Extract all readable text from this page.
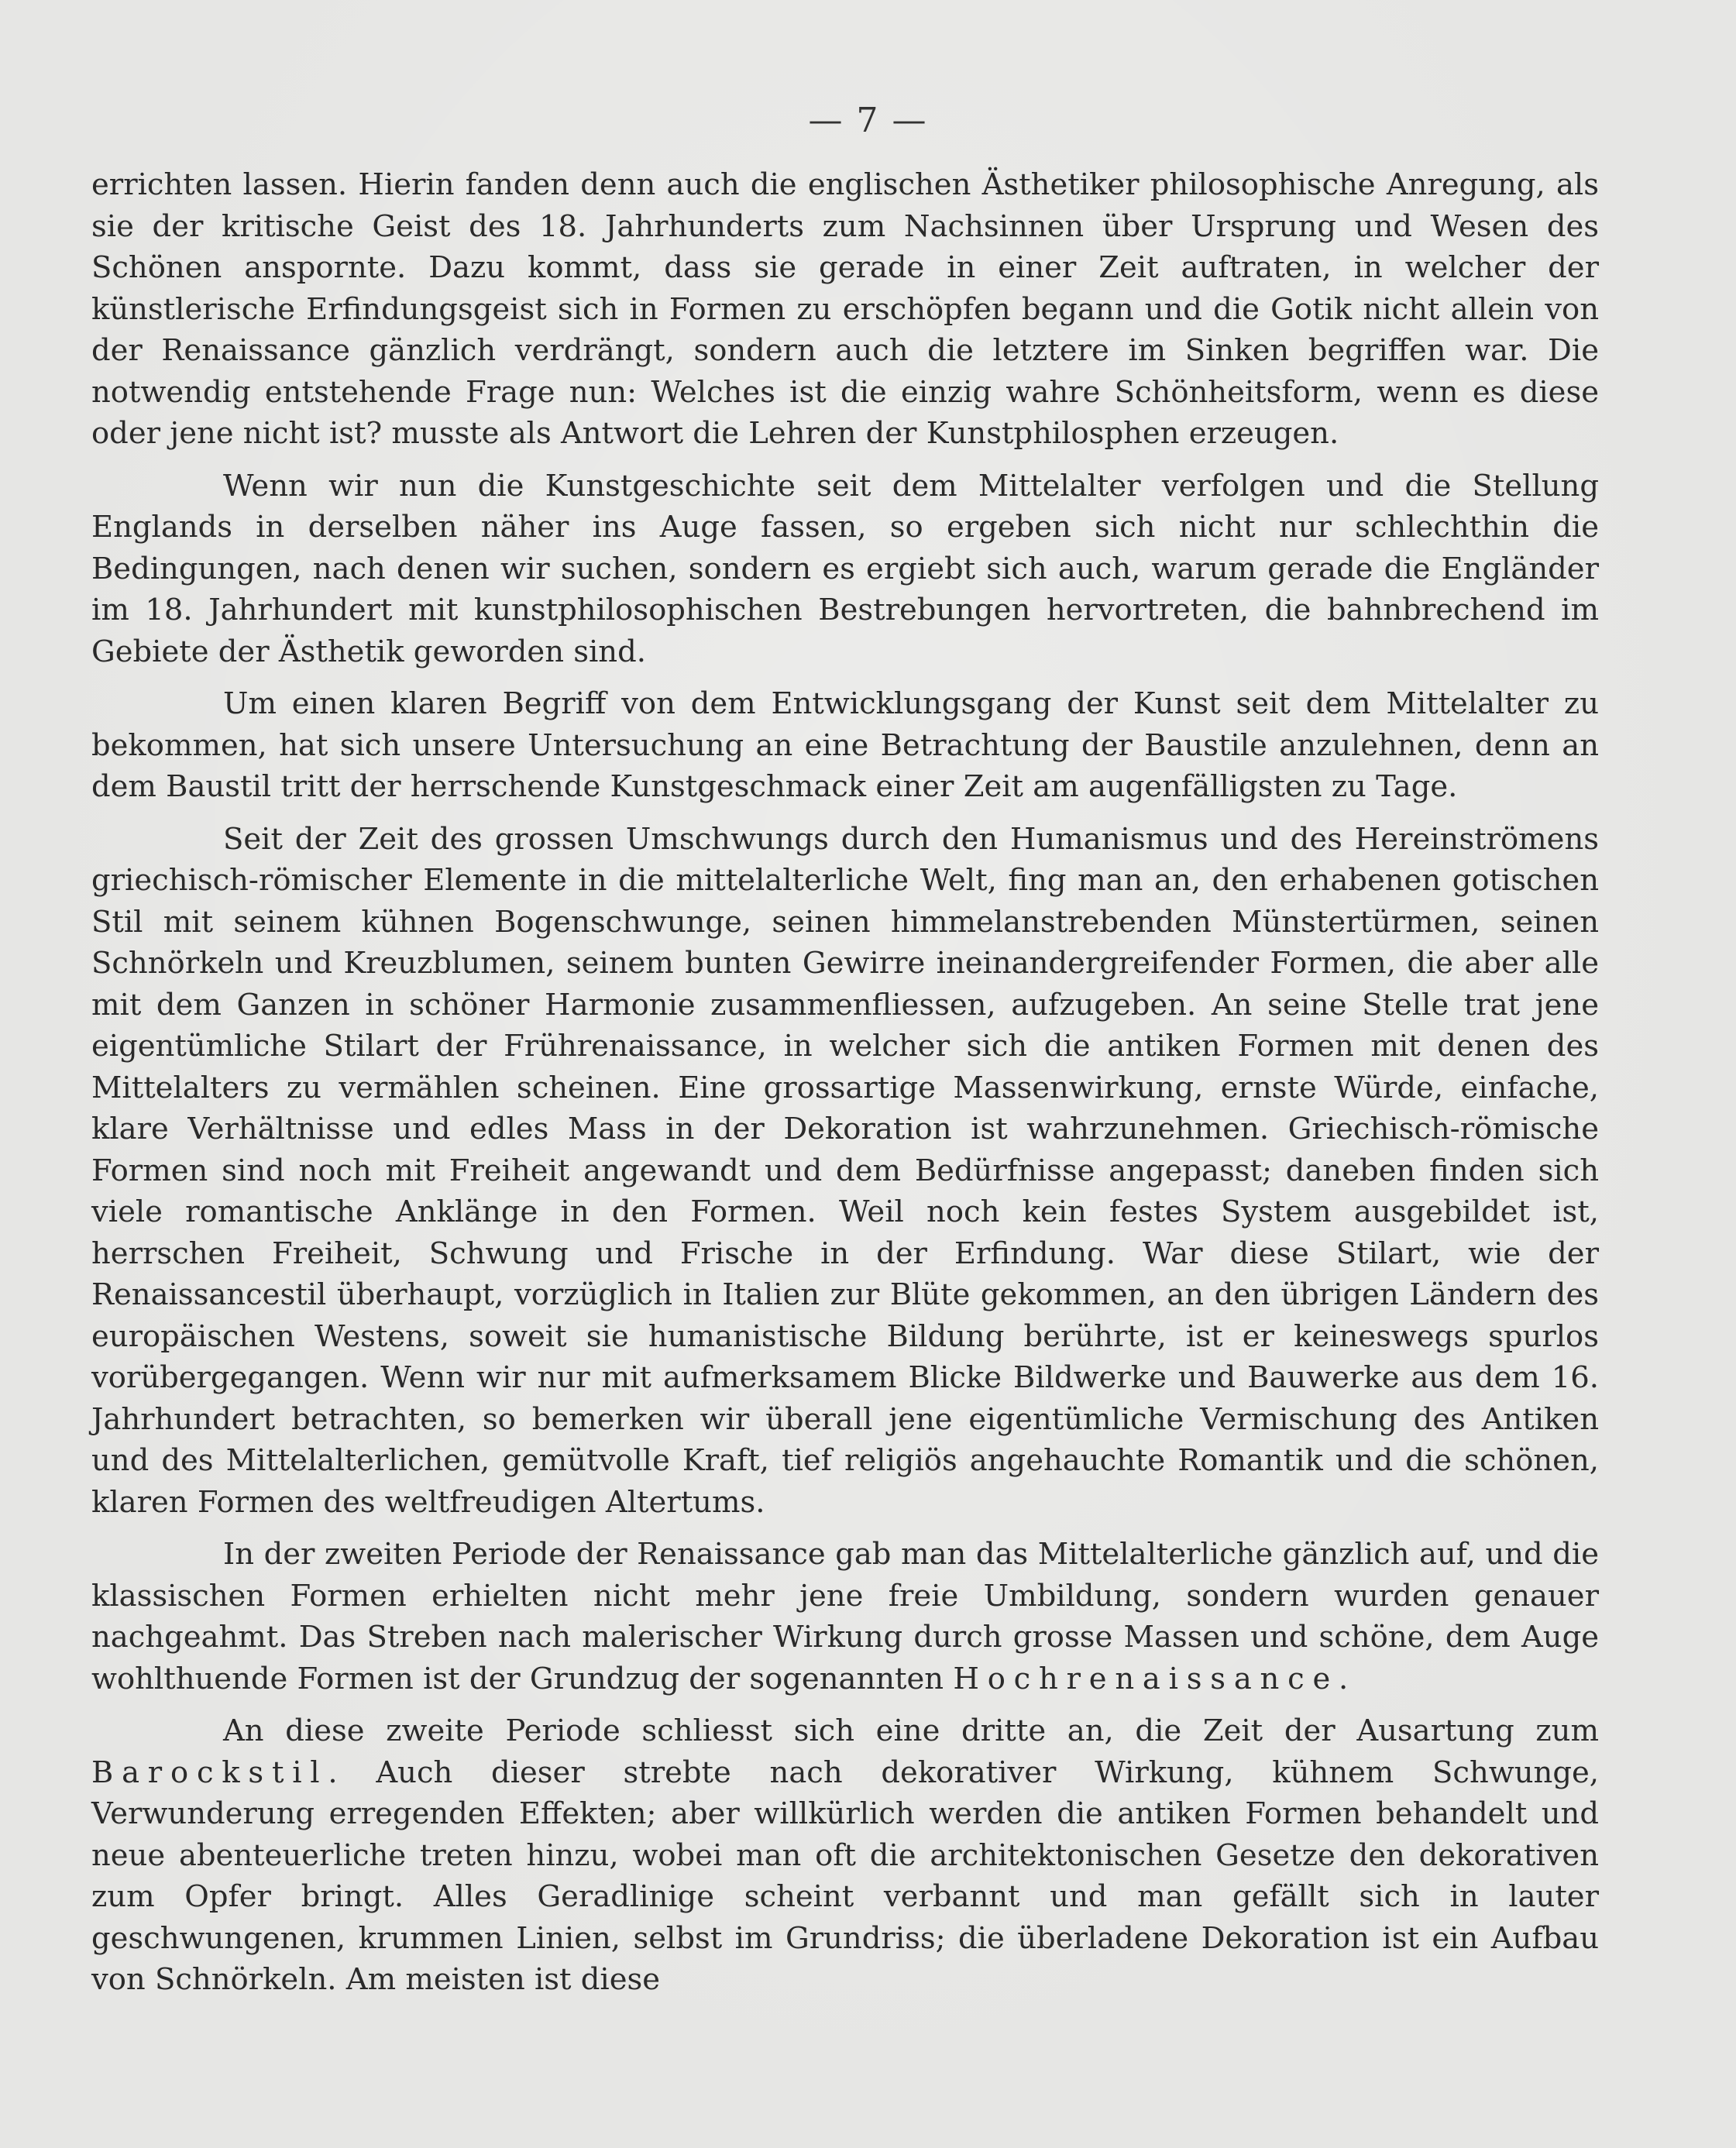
— 7 —

errichten lassen. Hierin fanden denn auch die englischen Ästhetiker philosophische Anregung, als sie der kritische Geist des 18. Jahrhunderts zum Nachsinnen über Ursprung und Wesen des Schönen anspornte. Dazu kommt, dass sie gerade in einer Zeit auftraten, in welcher der künstlerische Erfindungsgeist sich in Formen zu erschöpfen begann und die Gotik nicht allein von der Renaissance gänzlich verdrängt, sondern auch die letztere im Sinken begriffen war. Die notwendig entstehende Frage nun: Welches ist die einzig wahre Schönheitsform, wenn es diese oder jene nicht ist? musste als Antwort die Lehren der Kunstphilosphen erzeugen.

Wenn wir nun die Kunstgeschichte seit dem Mittelalter verfolgen und die Stellung Englands in derselben näher ins Auge fassen, so ergeben sich nicht nur schlechthin die Bedingungen, nach denen wir suchen, sondern es ergiebt sich auch, warum gerade die Engländer im 18. Jahrhundert mit kunstphilosophischen Bestrebungen hervortreten, die bahnbrechend im Gebiete der Ästhetik geworden sind.

Um einen klaren Begriff von dem Entwicklungsgang der Kunst seit dem Mittelalter zu bekommen, hat sich unsere Untersuchung an eine Betrachtung der Baustile anzulehnen, denn an dem Baustil tritt der herrschende Kunstgeschmack einer Zeit am augenfälligsten zu Tage.

Seit der Zeit des grossen Umschwungs durch den Humanismus und des Hereinströmens griechisch-römischer Elemente in die mittelalterliche Welt, fing man an, den erhabenen gotischen Stil mit seinem kühnen Bogenschwunge, seinen himmelanstrebenden Münstertürmen, seinen Schnörkeln und Kreuzblumen, seinem bunten Gewirre ineinandergreifender Formen, die aber alle mit dem Ganzen in schöner Harmonie zusammenfliessen, aufzugeben. An seine Stelle trat jene eigentümliche Stilart der Frührenaissance, in welcher sich die antiken Formen mit denen des Mittelalters zu vermählen scheinen. Eine grossartige Massenwirkung, ernste Würde, einfache, klare Verhältnisse und edles Mass in der Dekoration ist wahrzunehmen. Griechisch-römische Formen sind noch mit Freiheit angewandt und dem Bedürfnisse angepasst; daneben finden sich viele romantische Anklänge in den Formen. Weil noch kein festes System ausgebildet ist, herrschen Freiheit, Schwung und Frische in der Erfindung. War diese Stilart, wie der Renaissancestil überhaupt, vorzüglich in Italien zur Blüte gekommen, an den übrigen Ländern des europäischen Westens, soweit sie humanistische Bildung berührte, ist er keineswegs spurlos vorübergegangen. Wenn wir nur mit aufmerksamem Blicke Bildwerke und Bauwerke aus dem 16. Jahrhundert betrachten, so bemerken wir überall jene eigentümliche Vermischung des Antiken und des Mittelalterlichen, gemütvolle Kraft, tief religiös angehauchte Romantik und die schönen, klaren Formen des weltfreudigen Altertums.

In der zweiten Periode der Renaissance gab man das Mittelalterliche gänzlich auf, und die klassischen Formen erhielten nicht mehr jene freie Umbildung, sondern wurden genauer nachgeahmt. Das Streben nach malerischer Wirkung durch grosse Massen und schöne, dem Auge wohlthuende Formen ist der Grundzug der sogenannten Hochrenaissance.

An diese zweite Periode schliesst sich eine dritte an, die Zeit der Ausartung zum Barockstil. Auch dieser strebte nach dekorativer Wirkung, kühnem Schwunge, Verwunderung erregenden Effekten; aber willkürlich werden die antiken Formen behandelt und neue abenteuerliche treten hinzu, wobei man oft die architektonischen Gesetze den dekorativen zum Opfer bringt. Alles Geradlinige scheint verbannt und man gefällt sich in lauter geschwungenen, krummen Linien, selbst im Grundriss; die überladene Dekoration ist ein Aufbau von Schnörkeln. Am meisten ist diese
